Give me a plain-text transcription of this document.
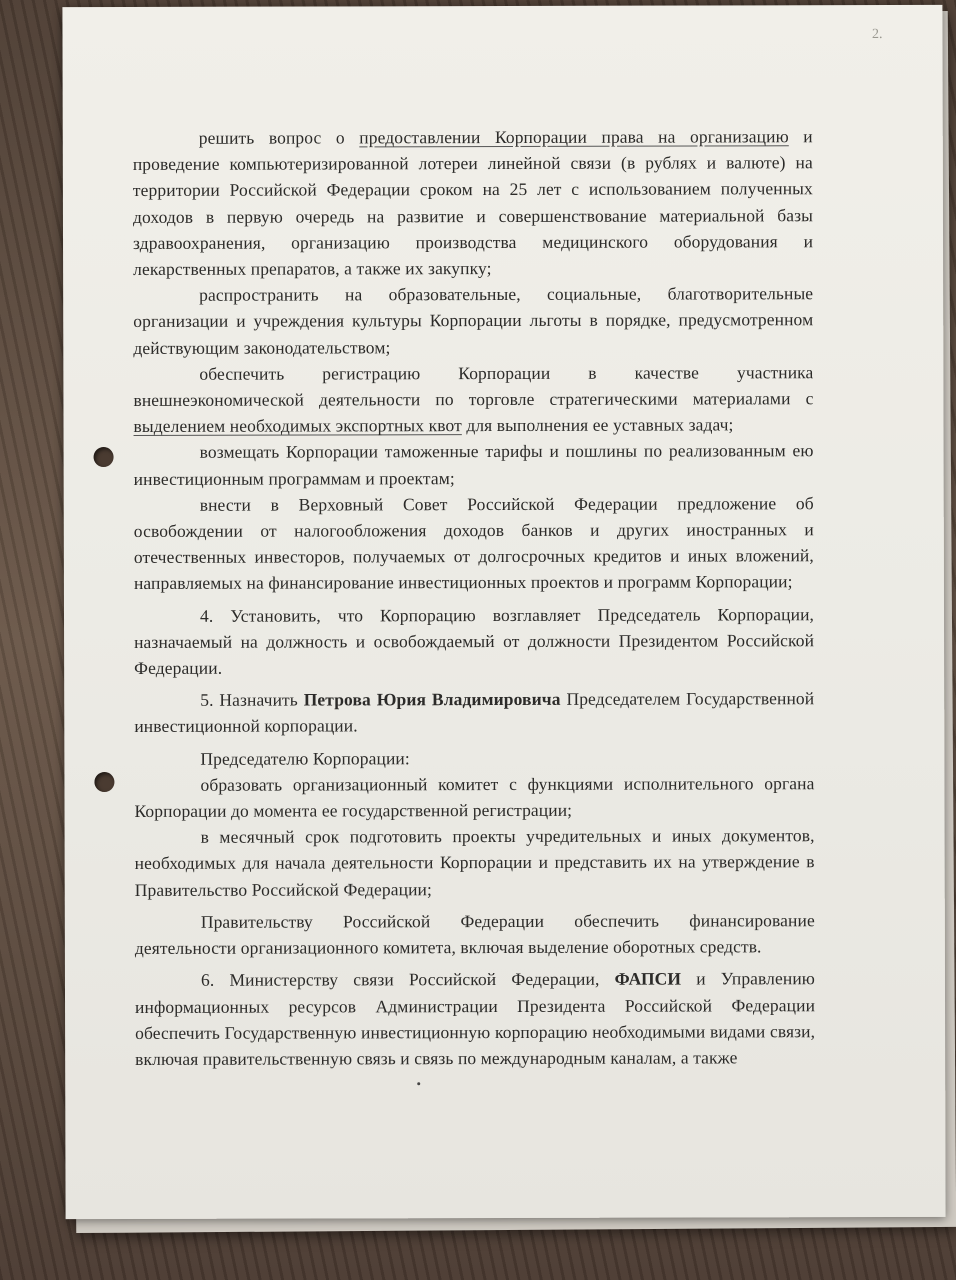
2.

решить вопрос о предоставлении Корпорации права на организацию и проведение компьютеризированной лотереи линейной связи (в рублях и валюте) на территории Российской Федерации сроком на 25 лет с использованием полученных доходов в первую очередь на развитие и совершенствование материальной базы здравоохранения, организацию производства медицинского оборудования и лекарственных препаратов, а также их закупку;

распространить на образовательные, социальные, благотворительные организации и учреждения культуры Корпорации льготы в порядке, предусмотренном действующим законодательством;

обеспечить регистрацию Корпорации в качестве участника внешнеэкономической деятельности по торговле стратегическими материалами с выделением необходимых экспортных квот для выполнения ее уставных задач;

возмещать Корпорации таможенные тарифы и пошлины по реализованным ею инвестиционным программам и проектам;

внести в Верховный Совет Российской Федерации предложение об освобождении от налогообложения доходов банков и других иностранных и отечественных инвесторов, получаемых от долгосрочных кредитов и иных вложений, направляемых на финансирование инвестиционных проектов и программ Корпорации;

4. Установить, что Корпорацию возглавляет Председатель Корпорации, назначаемый на должность и освобождаемый от должности Президентом Российской Федерации.

5. Назначить Петрова Юрия Владимировича Председателем Государственной инвестиционной корпорации.

Председателю Корпорации:

образовать организационный комитет с функциями исполнительного органа Корпорации до момента ее государственной регистрации;

в месячный срок подготовить проекты учредительных и иных документов, необходимых для начала деятельности Корпорации и представить их на утверждение в Правительство Российской Федерации;

Правительству Российской Федерации обеспечить финансирование деятельности организационного комитета, включая выделение оборотных средств.

6. Министерству связи Российской Федерации, ФАПСИ и Управлению информационных ресурсов Администрации Президента Российской Федерации обеспечить Государственную инвестиционную корпорацию необходимыми видами связи, включая правительственную связь и связь по международным каналам, а также
